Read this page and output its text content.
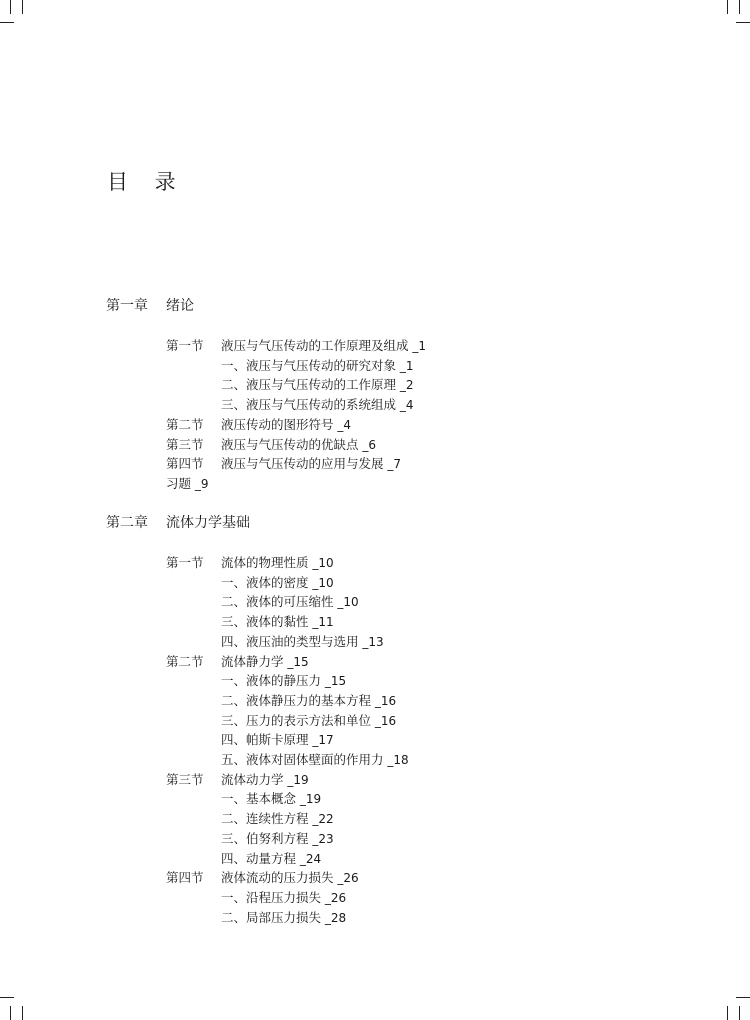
目 录
第一章 绪论
第一节 液压与气压传动的工作原理及组成 _1
一、液压与气压传动的研究对象 _1
二、液压与气压传动的工作原理 _2
三、液压与气压传动的系统组成 _4
第二节 液压传动的图形符号 _4
第三节 液压与气压传动的优缺点 _6
第四节 液压与气压传动的应用与发展 _7
习题 _9
第二章 流体力学基础
第一节 流体的物理性质 _10
一、液体的密度 _10
二、液体的可压缩性 _10
三、液体的黏性 _11
四、液压油的类型与选用 _13
第二节 流体静力学 _15
一、液体的静压力 _15
二、液体静压力的基本方程 _16
三、压力的表示方法和单位 _16
四、帕斯卡原理 _17
五、液体对固体壁面的作用力 _18
第三节 流体动力学 _19
一、基本概念 _19
二、连续性方程 _22
三、伯努利方程 _23
四、动量方程 _24
第四节 液体流动的压力损失 _26
一、沿程压力损失 _26
二、局部压力损失 _28
